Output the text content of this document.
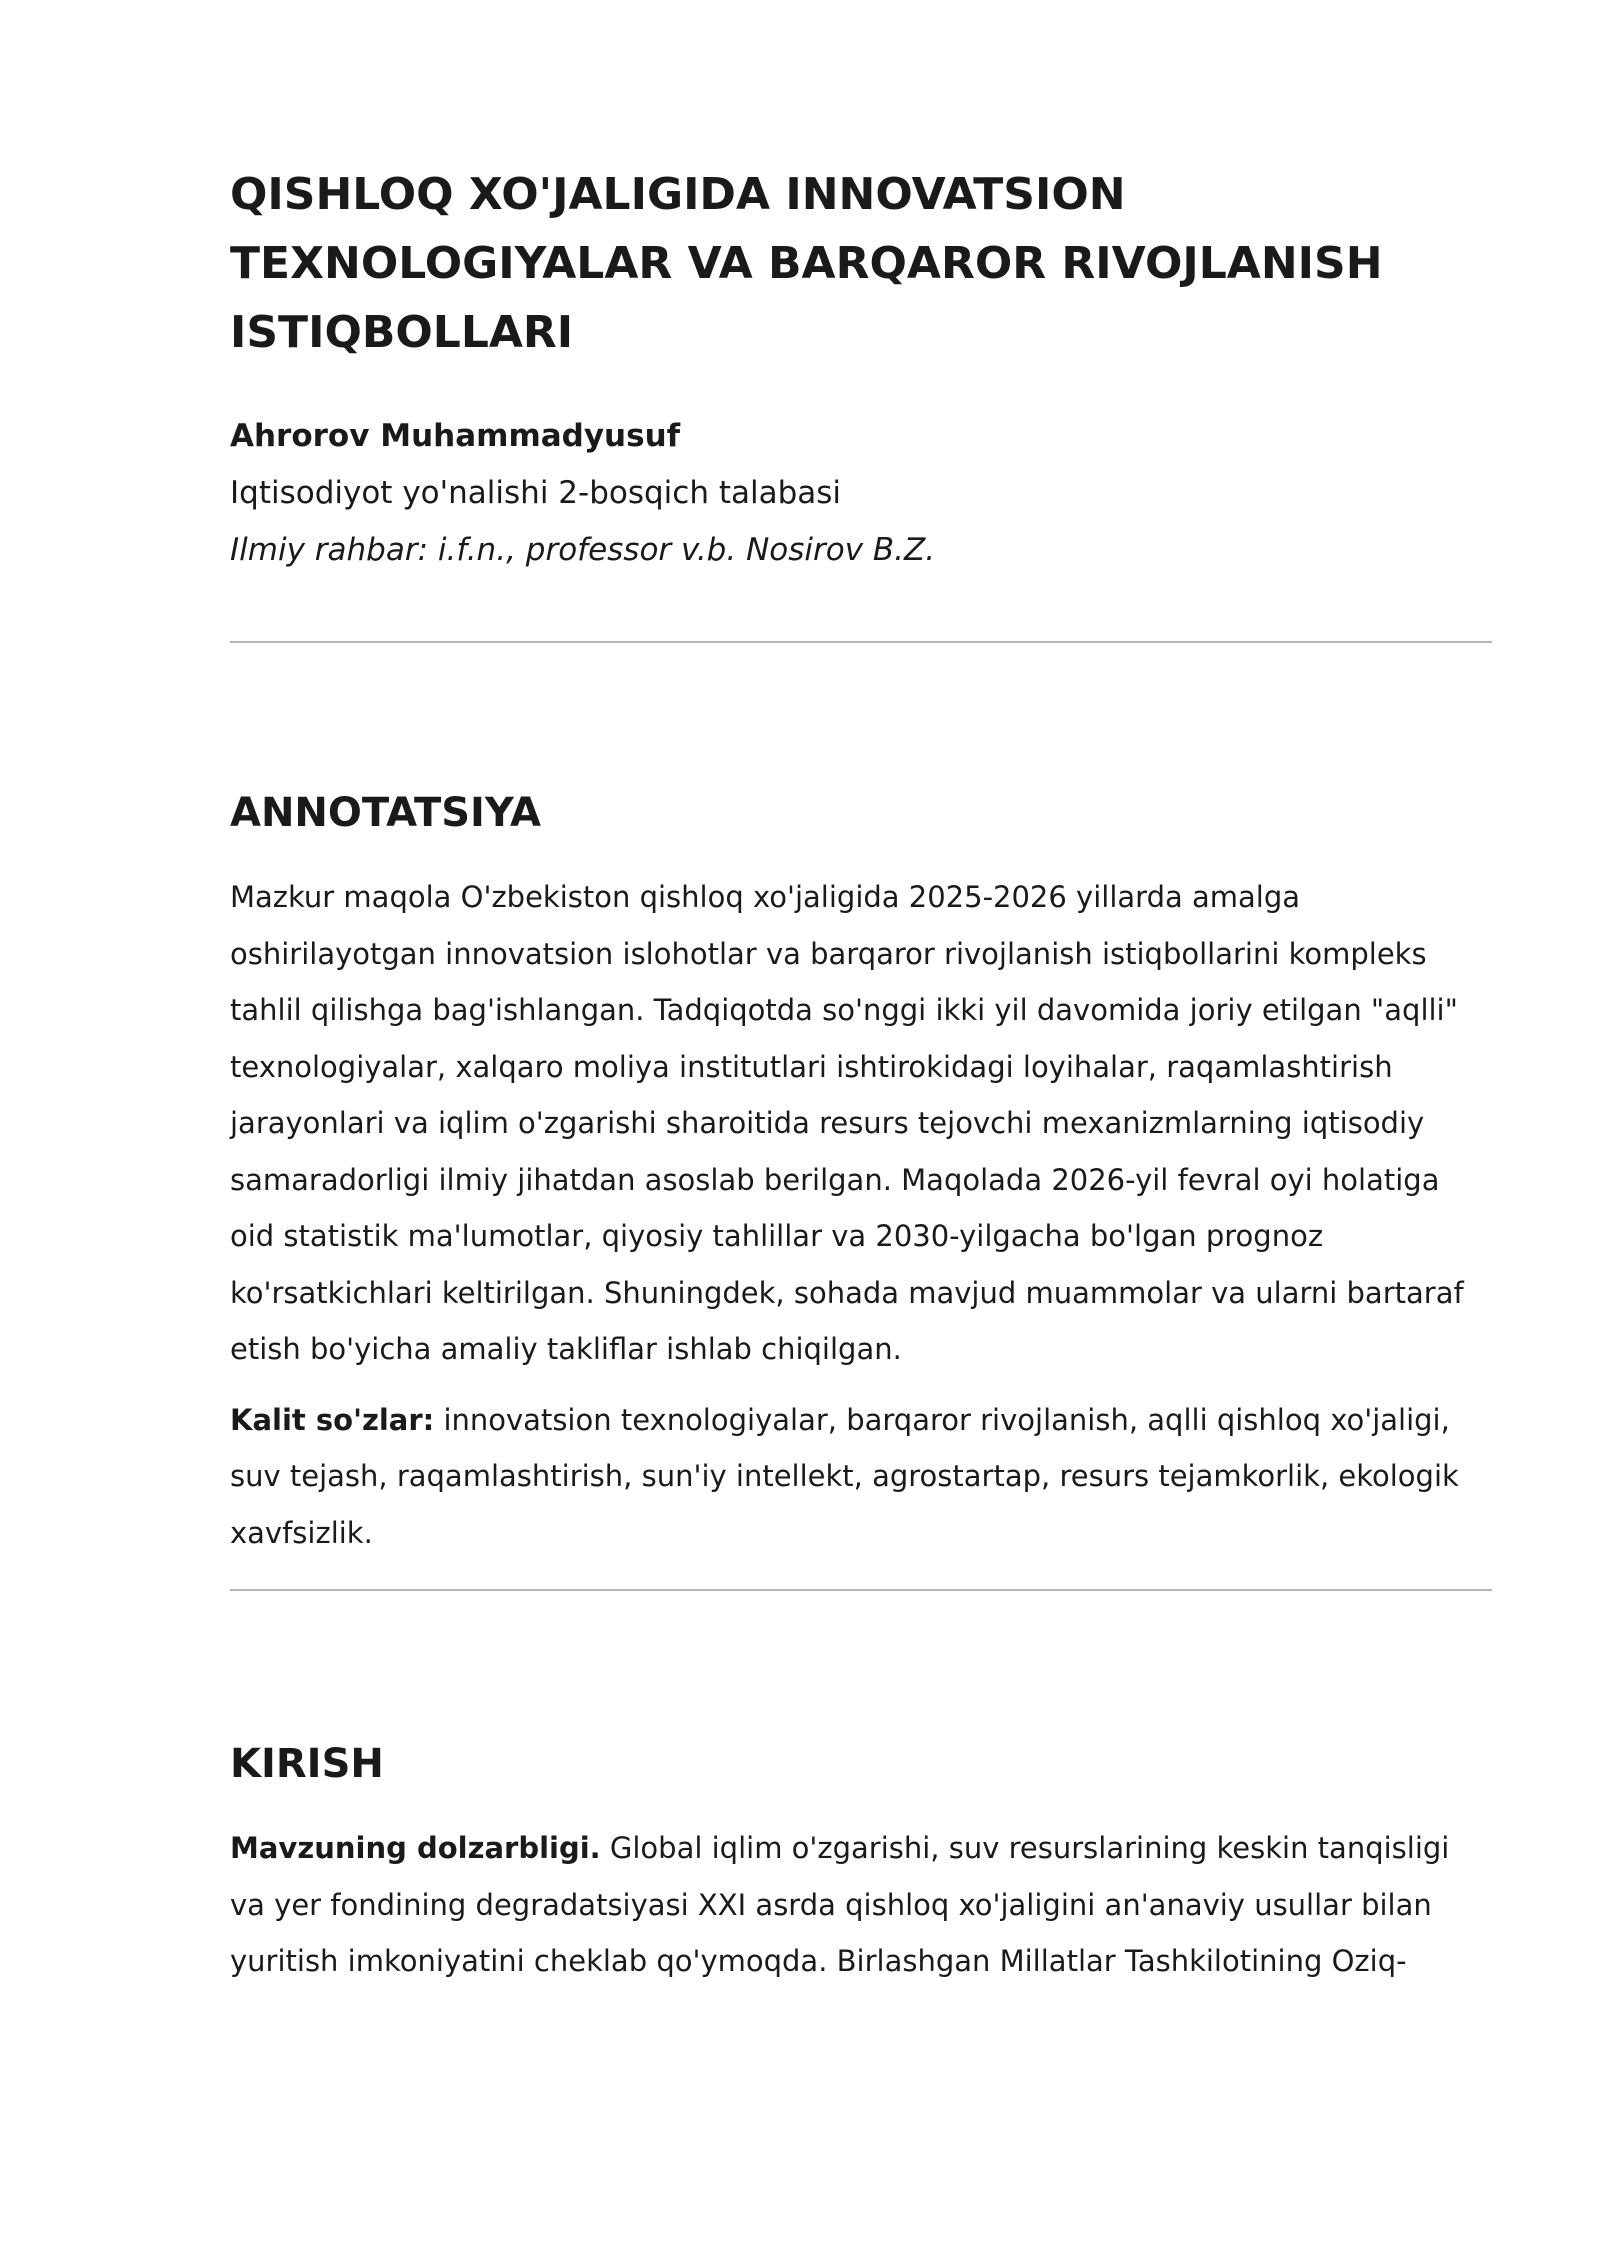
QISHLOQ XO'JALIGIDA INNOVATSION TEXNOLOGIYALAR VA BARQAROR RIVOJLANISH ISTIQBOLLARI
Ahrorov Muhammadyusuf
Iqtisodiyot yo'nalishi 2-bosqich talabasi
Ilmiy rahbar: i.f.n., professor v.b. Nosirov B.Z.
ANNOTATSIYA

Mazkur maqola O'zbekiston qishloq xo'jaligida 2025-2026 yillarda amalga oshirilayotgan innovatsion islohotlar va barqaror rivojlanish istiqbollarini kompleks tahlil qilishga bag'ishlangan. Tadqiqotda so'nggi ikki yil davomida joriy etilgan "aqlli" texnologiyalar, xalqaro moliya institutlari ishtirokidagi loyihalar, raqamlashtirish jarayonlari va iqlim o'zgarishi sharoitida resurs tejovchi mexanizmlarning iqtisodiy samaradorligi ilmiy jihatdan asoslab berilgan. Maqolada 2026-yil fevral oyi holatiga oid statistik ma'lumotlar, qiyosiy tahlillar va 2030-yilgacha bo'lgan prognoz ko'rsatkichlari keltirilgan. Shuningdek, sohada mavjud muammolar va ularni bartaraf etish bo'yicha amaliy takliflar ishlab chiqilgan.

Kalit so'zlar: innovatsion texnologiyalar, barqaror rivojlanish, aqlli qishloq xo'jaligi, suv tejash, raqamlashtirish, sun'iy intellekt, agrostartap, resurs tejamkorlik, ekologik xavfsizlik.

KIRISH

Mavzuning dolzarbligi. Global iqlim o'zgarishi, suv resurslarining keskin tanqisligi va yer fondining degradatsiyasi XXI asrda qishloq xo'jaligini an'anaviy usullar bilan yuritish imkoniyatini cheklab qo'ymoqda. Birlashgan Millatlar Tashkilotining Oziq-
